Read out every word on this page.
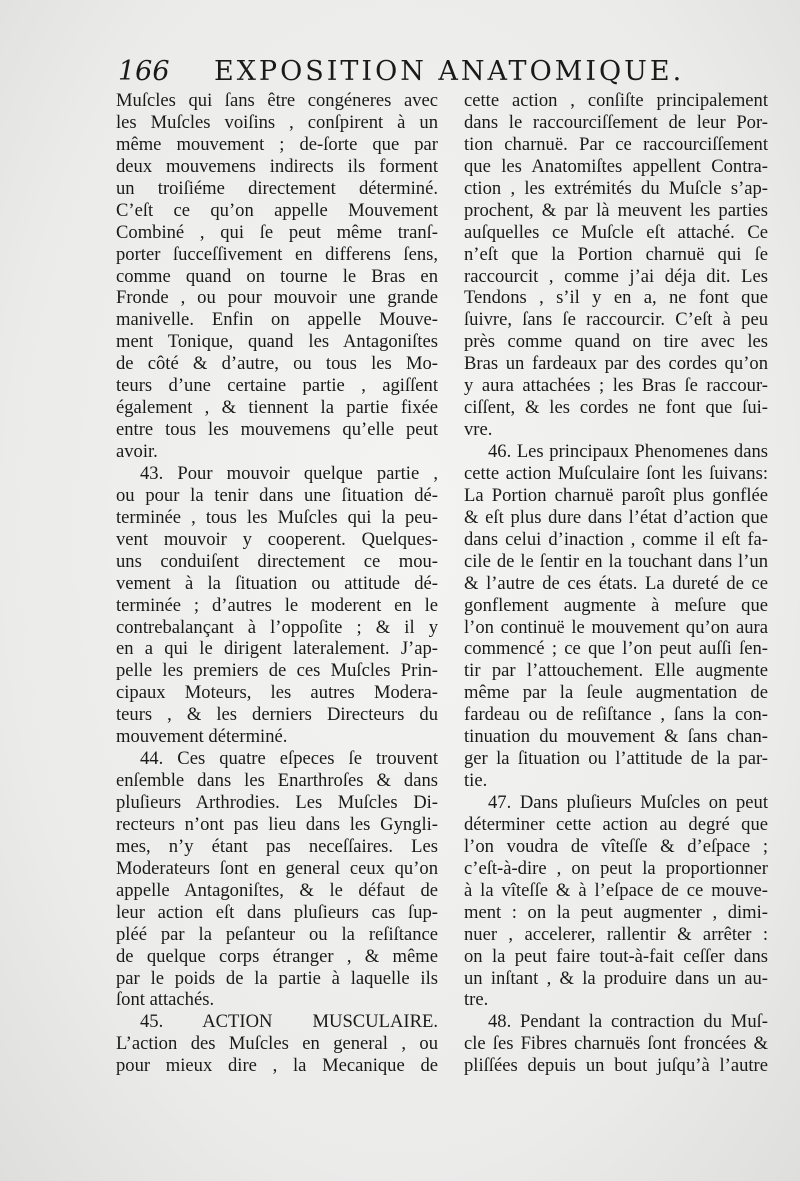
166 EXPOSITION ANATOMIQUE.
Muſcles qui ſans être congéneres avec
les Muſcles voiſins , conſpirent à un
même mouvement ; de-ſorte que par
deux mouvemens indirects ils forment
un troiſiéme directement déterminé.
C’eſt ce qu’on appelle Mouvement
Combiné , qui ſe peut même tranſ-
porter ſucceſſivement en differens ſens,
comme quand on tourne le Bras en
Fronde , ou pour mouvoir une grande
manivelle. Enfin on appelle Mouve-
ment Tonique, quand les Antagoniſtes
de côté & d’autre, ou tous les Mo-
teurs d’une certaine partie , agiſſent
également , & tiennent la partie fixée
entre tous les mouvemens qu’elle peut
avoir.
43. Pour mouvoir quelque partie ,
ou pour la tenir dans une ſituation dé-
terminée , tous les Muſcles qui la peu-
vent mouvoir y cooperent. Quelques-
uns conduiſent directement ce mou-
vement à la ſituation ou attitude dé-
terminée ; d’autres le moderent en le
contrebalançant à l’oppoſite ; & il y
en a qui le dirigent lateralement. J’ap-
pelle les premiers de ces Muſcles Prin-
cipaux Moteurs, les autres Modera-
teurs , & les derniers Directeurs du
mouvement déterminé.
44. Ces quatre eſpeces ſe trouvent
enſemble dans les Enarthroſes & dans
pluſieurs Arthrodies. Les Muſcles Di-
recteurs n’ont pas lieu dans les Gyngli-
mes, n’y étant pas neceſſaires. Les
Moderateurs ſont en general ceux qu’on
appelle Antagoniſtes, & le défaut de
leur action eſt dans pluſieurs cas ſup-
pléé par la peſanteur ou la reſiſtance
de quelque corps étranger , & même
par le poids de la partie à laquelle ils
ſont attachés.
45. ACTION MUSCULAIRE.
L’action des Muſcles en general , ou
pour mieux dire , la Mecanique de
cette action , conſiſte principalement
dans le raccourciſſement de leur Por-
tion charnuë. Par ce raccourciſſement
que les Anatomiſtes appellent Contra-
ction , les extrémités du Muſcle s’ap-
prochent, & par là meuvent les parties
auſquelles ce Muſcle eſt attaché. Ce
n’eſt que la Portion charnuë qui ſe
raccourcit , comme j’ai déja dit. Les
Tendons , s’il y en a, ne font que
ſuivre, ſans ſe raccourcir. C’eſt à peu
près comme quand on tire avec les
Bras un fardeaux par des cordes qu’on
y aura attachées ; les Bras ſe raccour-
ciſſent, & les cordes ne font que ſui-
vre.
46. Les principaux Phenomenes dans
cette action Muſculaire ſont les ſuivans:
La Portion charnuë paroît plus gonflée
& eſt plus dure dans l’état d’action que
dans celui d’inaction , comme il eſt fa-
cile de le ſentir en la touchant dans l’un
& l’autre de ces états. La dureté de ce
gonflement augmente à meſure que
l’on continuë le mouvement qu’on aura
commencé ; ce que l’on peut auſſi ſen-
tir par l’attouchement. Elle augmente
même par la ſeule augmentation de
fardeau ou de reſiſtance , ſans la con-
tinuation du mouvement & ſans chan-
ger la ſituation ou l’attitude de la par-
tie.
47. Dans pluſieurs Muſcles on peut
déterminer cette action au degré que
l’on voudra de vîteſſe & d’eſpace ;
c’eſt-à-dire , on peut la proportionner
à la vîteſſe & à l’eſpace de ce mouve-
ment : on la peut augmenter , dimi-
nuer , accelerer, rallentir & arrêter :
on la peut faire tout-à-fait ceſſer dans
un inſtant , & la produire dans un au-
tre.
48. Pendant la contraction du Muſ-
cle ſes Fibres charnuës ſont froncées &
pliſſées depuis un bout juſqu’à l’autre
